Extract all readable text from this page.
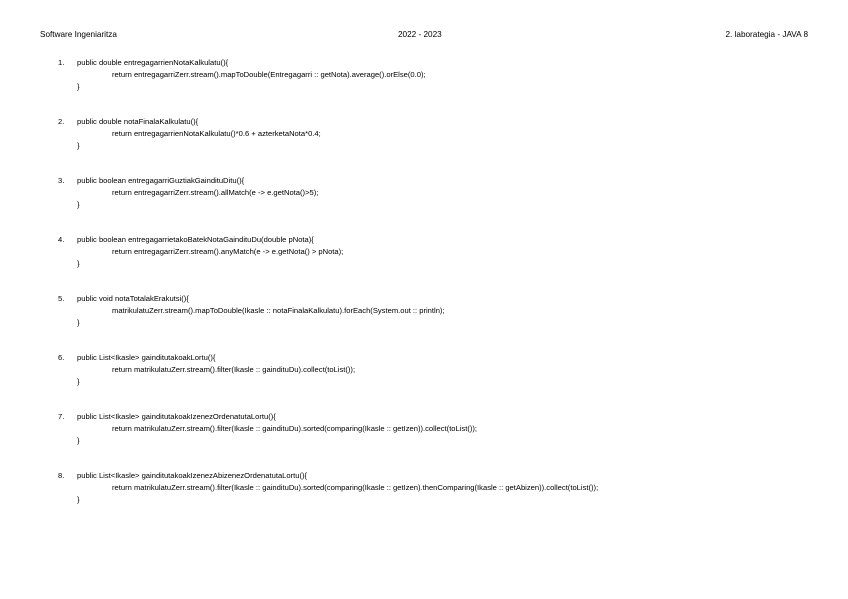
Software Ingeniaritza	2022 - 2023	2. laborategia - JAVA 8
1. public double entregagarrienNotaKalkulatu(){
return entregagarriZerr.stream().mapToDouble(Entregagarri :: getNota).average().orElse(0.0);
}
2. public double notaFinalaKalkulatu(){
return entregagarrienNotaKalkulatu()*0.6 + azterketaNota*0.4;
}
3. public boolean entregagarriGuztiakGaindituDitu(){
return entregagarriZerr.stream().allMatch(e -> e.getNota()>5);
}
4. public boolean entregagarrietakoBatekNotaGaindituDu(double pNota){
return entregagarriZerr.stream().anyMatch(e -> e.getNota() > pNota);
}
5. public void notaTotalakErakutsi(){
matrikulatuZerr.stream().mapToDouble(Ikasle :: notaFinalaKalkulatu).forEach(System.out :: println);
}
6. public List<Ikasle> gainditutakoakLortu(){
return matrikulatuZerr.stream().filter(Ikasle :: gaindituDu).collect(toList());
}
7. public List<Ikasle> gainditutakoakIzenezOrdenatutaLortu(){
return matrikulatuZerr.stream().filter(Ikasle :: gaindituDu).sorted(comparing(Ikasle :: getIzen)).collect(toList());
}
8. public List<Ikasle> gainditutakoakIzenezAbizenezOrdenatutaLortu(){
return matrikulatuZerr.stream().filter(Ikasle :: gaindituDu).sorted(comparing(Ikasle :: getIzen).thenComparing(Ikasle :: getAbizen)).collect(toList());
}
